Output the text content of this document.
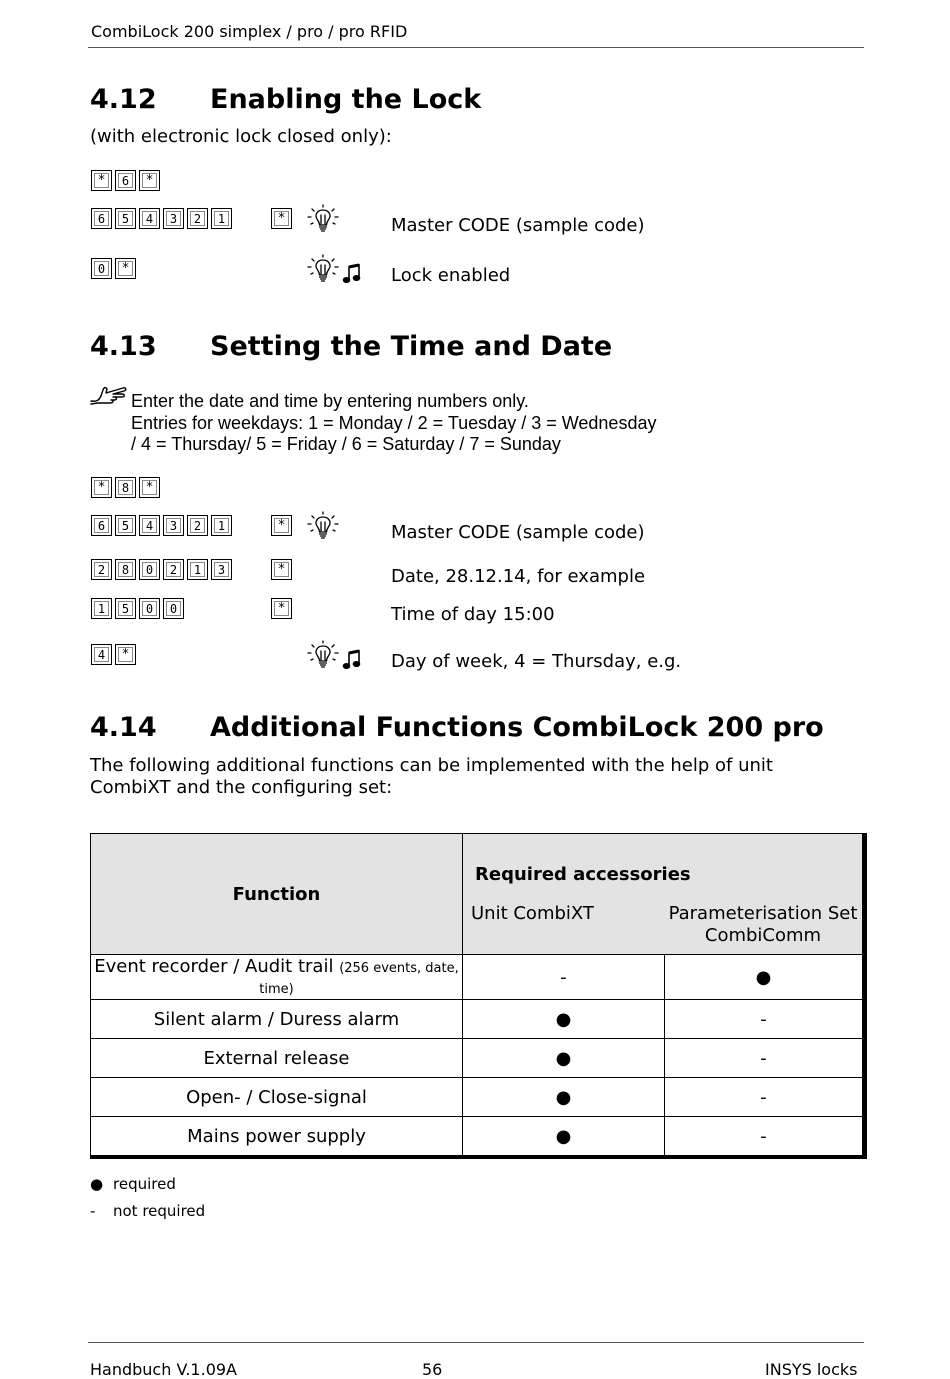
CombiLock 200 simplex / pro / pro RFID
4.12 Enabling the Lock
(with electronic lock closed only):
*	6	*
6	5	4	3	2	1	*	Master CODE (sample code)
0	*	Lock enabled
4.13 Setting the Time and Date
Enter the date and time by entering numbers only.
Entries for weekdays: 1 = Monday / 2 = Tuesday / 3 = Wednesday
/ 4 = Thursday/ 5 = Friday / 6 = Saturday / 7 = Sunday
*	8	*
6	5	4	3	2	1	*	Master CODE (sample code)
2	8	0	2	1	3	*	Date, 28.12.14, for example
1	5	0	0	*	Time of day 15:00
4	*	Day of week, 4 = Thursday, e.g.
4.14 Additional Functions CombiLock 200 pro
The following additional functions can be implemented with the help of unit CombiXT and the configuring set:
Function	Required accessories
Unit CombiXT Parameterisation Set
CombiComm	

Event recorder / Audit trail (256 events, date, time)	-	●
Silent alarm / Duress alarm	●	-
External release	●	-
Open- / Close-signal	●	-
Mains power supply	●	-
● required
- not required
Handbuch V.1.09A	56	INSYS locks
